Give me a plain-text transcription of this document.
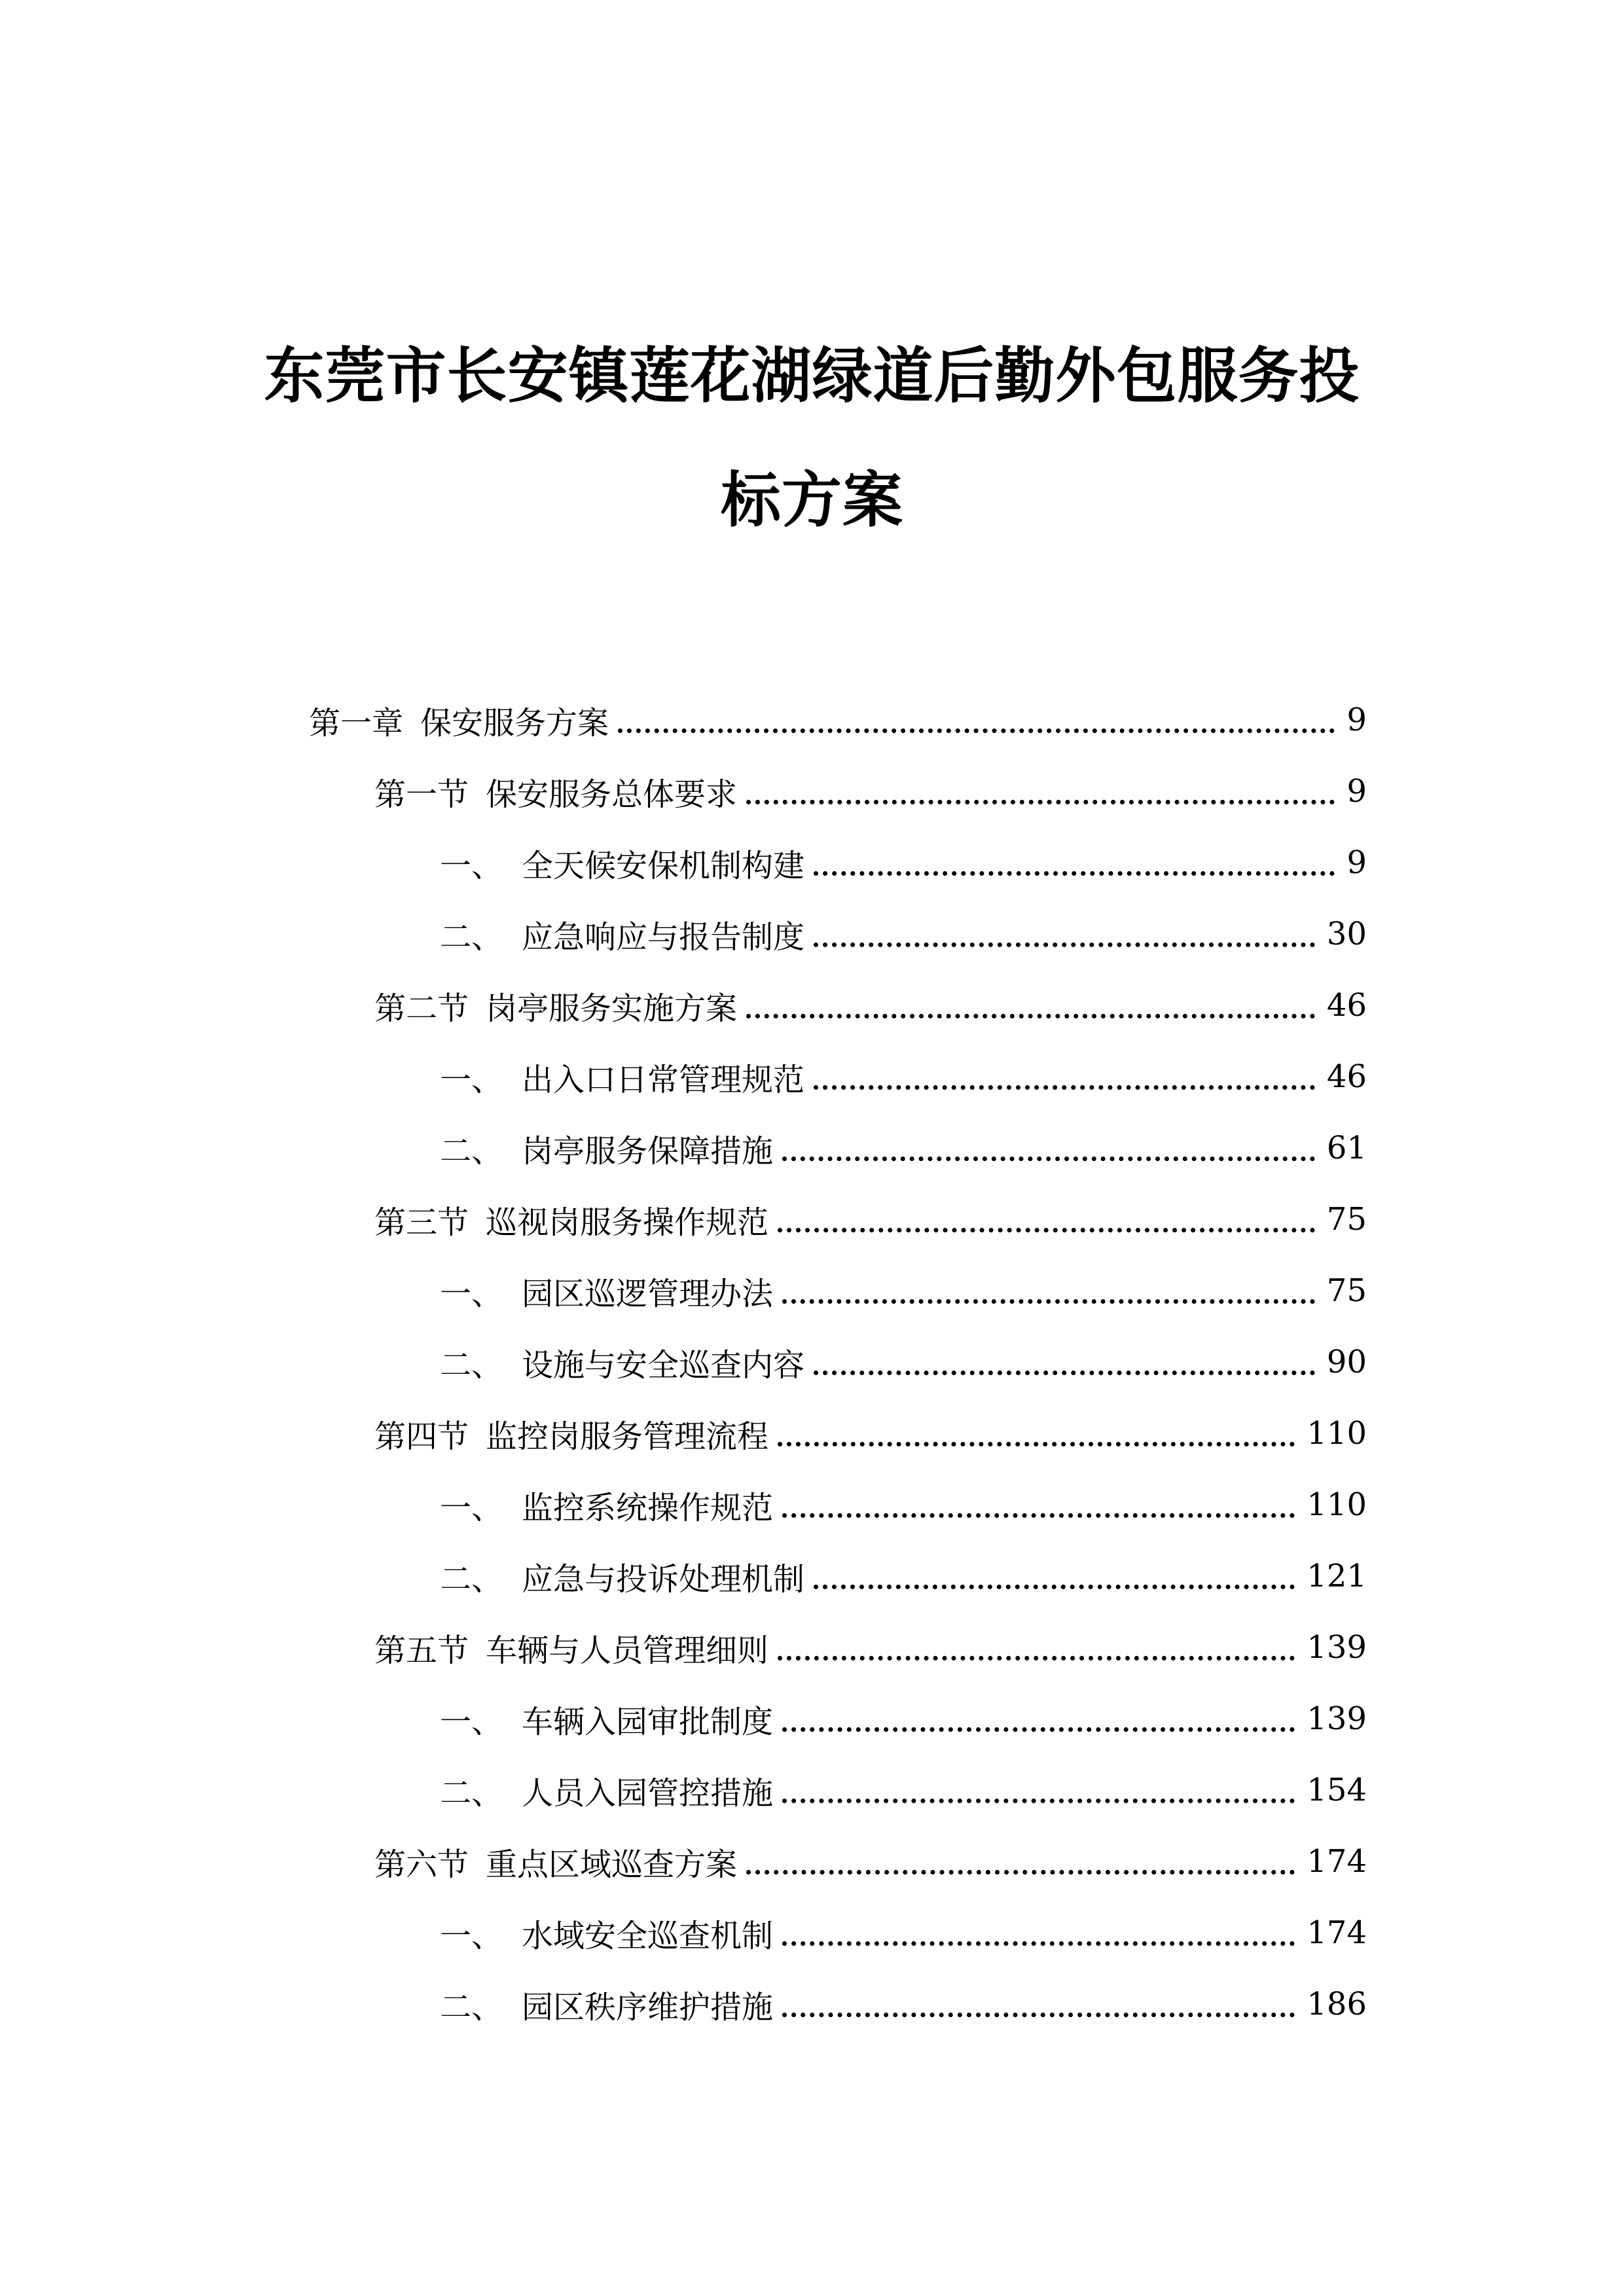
东莞市长安镇莲花湖绿道后勤外包服务投
标方案
第一章 保安服务方案	9
第一节 保安服务总体要求	9
一、 全天候安保机制构建	9
二、 应急响应与报告制度	30
第二节 岗亭服务实施方案	46
一、 出入口日常管理规范	46
二、 岗亭服务保障措施	61
第三节 巡视岗服务操作规范	75
一、 园区巡逻管理办法	75
二、 设施与安全巡查内容	90
第四节 监控岗服务管理流程	110
一、 监控系统操作规范	110
二、 应急与投诉处理机制	121
第五节 车辆与人员管理细则	139
一、 车辆入园审批制度	139
二、 人员入园管控措施	154
第六节 重点区域巡查方案	174
一、 水域安全巡查机制	174
二、 园区秩序维护措施	186
